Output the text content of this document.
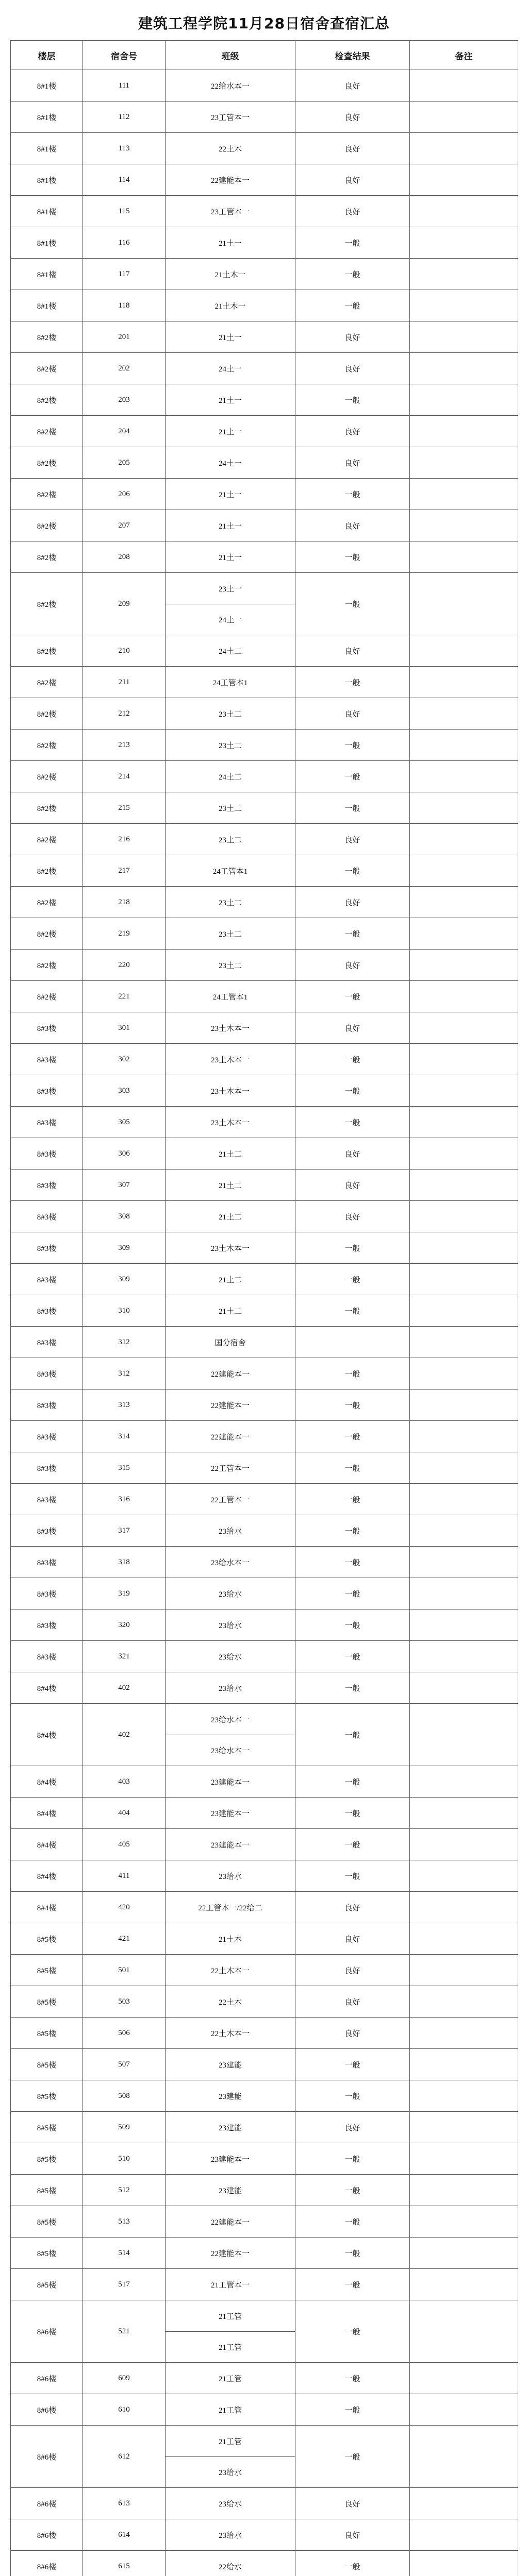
建筑工程学院11月28日宿舍查宿汇总
楼层	宿舍号	班级	检查结果	备注
8#1楼	111	22给水本一	良好	
8#1楼	112	23工管本一	良好	
8#1楼	113	22土木	良好	
8#1楼	114	22建能本一	良好	
8#1楼	115	23工管本一	良好	
8#1楼	116	21土一	一般	
8#1楼	117	21土木一	一般	
8#1楼	118	21土木一	一般	
8#2楼	201	21土一	良好	
8#2楼	202	24土一	良好	
8#2楼	203	21土一	一般	
8#2楼	204	21土一	良好	
8#2楼	205	24土一	良好	
8#2楼	206	21土一	一般	
8#2楼	207	21土一	良好	
8#2楼	208	21土一	一般	
8#2楼	209	23土一	一般	
		24土一		
8#2楼	210	24土二	良好	
8#2楼	211	24工管本1	一般	
8#2楼	212	23土二	良好	
8#2楼	213	23土二	一般	
8#2楼	214	24土二	一般	
8#2楼	215	23土二	一般	
8#2楼	216	23土二	良好	
8#2楼	217	24工管本1	一般	
8#2楼	218	23土二	良好	
8#2楼	219	23土二	一般	
8#2楼	220	23土二	良好	
8#2楼	221	24工管本1	一般	
8#3楼	301	23土木本一	良好	
8#3楼	302	23土木本一	一般	
8#3楼	303	23土木本一	一般	
8#3楼	305	23土木本一	一般	
8#3楼	306	21土二	良好	
8#3楼	307	21土二	良好	
8#3楼	308	21土二	良好	
8#3楼	309	23土木本一	一般	
8#3楼	309	21土二	一般	
8#3楼	310	21土二	一般	
8#3楼	312	国分宿舍		
8#3楼	312	22建能本一	一般	
8#3楼	313	22建能本一	一般	
8#3楼	314	22建能本一	一般	
8#3楼	315	22工管本一	一般	
8#3楼	316	22工管本一	一般	
8#3楼	317	23给水	一般	
8#3楼	318	23给水本一	一般	
8#3楼	319	23给水	一般	
8#3楼	320	23给水	一般	
8#3楼	321	23给水	一般	
8#4楼	402	23给水	一般	
8#4楼	402	23给水本一	一般	
		23给水本一		
8#4楼	403	23建能本一	一般	
8#4楼	404	23建能本一	一般	
8#4楼	405	23建能本一	一般	
8#4楼	411	23给水	一般	
8#4楼	420	22工管本一/22给二	良好	
8#5楼	421	21土木	良好	
8#5楼	501	22土木本一	良好	
8#5楼	503	22土木	良好	
8#5楼	506	22土木本一	良好	
8#5楼	507	23建能	一般	
8#5楼	508	23建能	一般	
8#5楼	509	23建能	良好	
8#5楼	510	23建能本一	一般	
8#5楼	512	23建能	一般	
8#5楼	513	22建能本一	一般	
8#5楼	514	22建能本一	一般	
8#5楼	517	21工管本一	一般	
8#6楼	521	21工管	一般	
		21工管		
8#6楼	609	21工管	一般	
8#6楼	610	21工管	一般	
8#6楼	612	21工管	一般	
		23给水		
8#6楼	613	23给水	良好	
8#6楼	614	23给水	良好	
8#6楼	615	22给水	一般	
